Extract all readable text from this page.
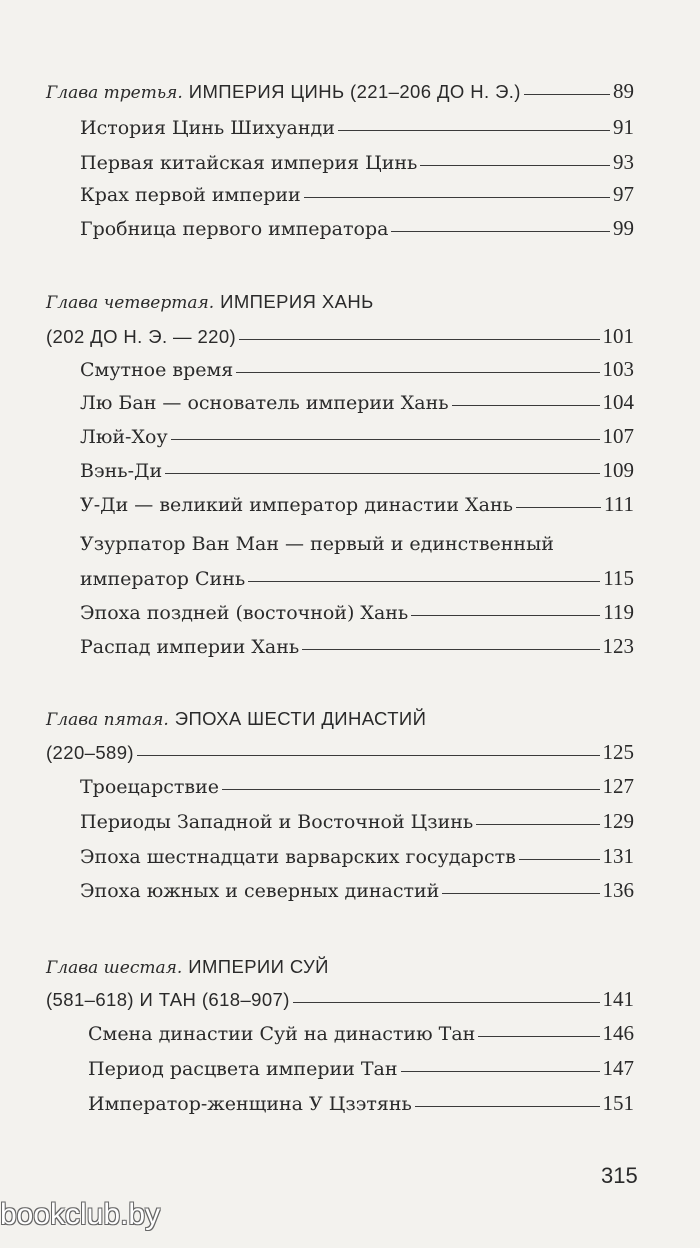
Глава третья. ИМПЕРИЯ ЦИНЬ (221–206 ДО Н. Э.)	89
История Цинь Шихуанди	91
Первая китайская империя Цинь	93
Крах первой империи	97
Гробница первого императора	99
Глава четвертая. ИМПЕРИЯ ХАНЬ
(202 ДО Н. Э. — 220)	101
Смутное время	103
Лю Бан — основатель империи Хань	104
Люй-Хоу	107
Вэнь-Ди	109
У-Ди — великий император династии Хань	111
Узурпатор Ван Ман — первый и единственный
император Синь	115
Эпоха поздней (восточной) Хань	119
Распад империи Хань	123
Глава пятая. ЭПОХА ШЕСТИ ДИНАСТИЙ
(220–589)	125
Троецарствие	127
Периоды Западной и Восточной Цзинь	129
Эпоха шестнадцати варварских государств	131
Эпоха южных и северных династий	136
Глава шестая. ИМПЕРИИ СУЙ
(581–618) И ТАН (618–907)	141
Смена династии Суй на династию Тан	146
Период расцвета империи Тан	147
Император-женщина У Цзэтянь	151
315
bookclub.by
